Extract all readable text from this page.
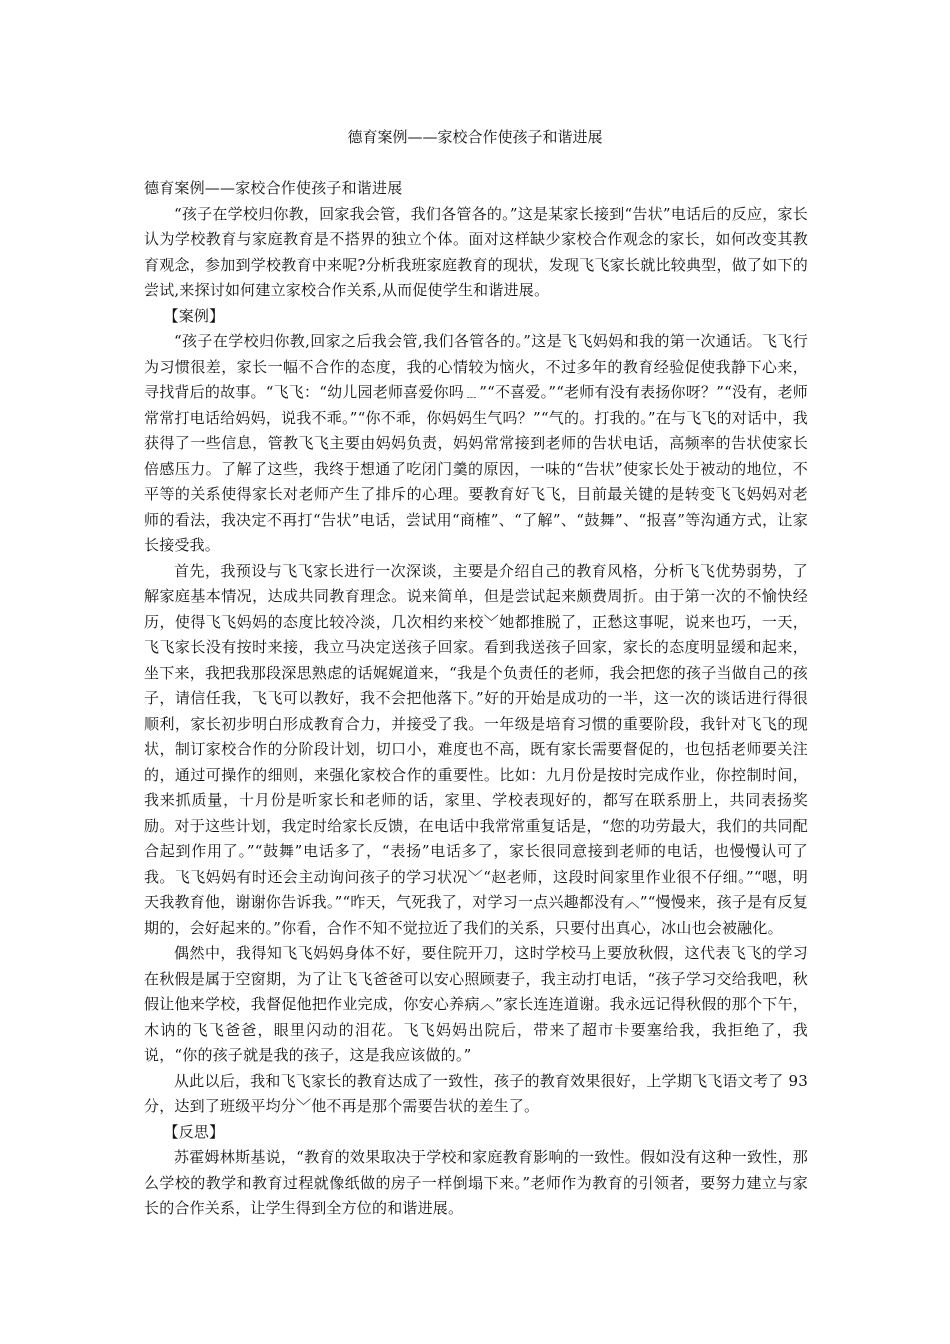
德育案例——家校合作使孩子和谐进展

德育案例——家校合作使孩子和谐进展

“孩子在学校归你教，回家我会管，我们各管各的。”这是某家长接到“告状”电话后的反应，家长认为学校教育与家庭教育是不搭界的独立个体。面对这样缺少家校合作观念的家长，如何改变其教育观念，参加到学校教育中来呢?分析我班家庭教育的现状，发现飞飞家长就比较典型，做了如下的尝试,来探讨如何建立家校合作关系,从而促使学生和谐进展。

【案例】

“孩子在学校归你教,回家之后我会管,我们各管各的。”这是飞飞妈妈和我的第一次通话。飞飞行为习惯很差，家长一幅不合作的态度，我的心情较为恼火，不过多年的教育经验促使我静下心来，寻找背后的故事。“飞飞：“幼儿园老师喜爱你吗﹍”“不喜爱。”“老师有没有表扬你呀？”“没有，老师常常打电话给妈妈，说我不乖。”“你不乖，你妈妈生气吗？”“气的。打我的。”在与飞飞的对话中，我获得了一些信息，管教飞飞主要由妈妈负责，妈妈常常接到老师的告状电话，高频率的告状使家长倍感压力。了解了这些，我终于想通了吃闭门羹的原因，一味的“告状”使家长处于被动的地位，不平等的关系使得家长对老师产生了排斥的心理。要教育好飞飞，目前最关键的是转变飞飞妈妈对老师的看法，我决定不再打“告状”电话，尝试用“商榷”、“了解”、“鼓舞”、“报喜”等沟通方式，让家长接受我。

首先，我预设与飞飞家长进行一次深谈，主要是介绍自己的教育风格，分析飞飞优势弱势，了解家庭基本情况，达成共同教育理念。说来简单，但是尝试起来颇费周折。由于第一次的不愉快经历，使得飞飞妈妈的态度比较冷淡，几次相约来校﹀她都推脱了，正愁这事呢，说来也巧，一天，飞飞家长没有按时来接，我立马决定送孩子回家。看到我送孩子回家，家长的态度明显缓和起来，坐下来，我把我那段深思熟虑的话娓娓道来，“我是个负责任的老师，我会把您的孩子当做自己的孩子，请信任我，飞飞可以教好，我不会把他落下。”好的开始是成功的一半，这一次的谈话进行得很顺利，家长初步明白形成教育合力，并接受了我。一年级是培育习惯的重要阶段，我针对飞飞的现状，制订家校合作的分阶段计划，切口小，难度也不高，既有家长需要督促的，也包括老师要关注的，通过可操作的细则，来强化家校合作的重要性。比如：九月份是按时完成作业，你控制时间，我来抓质量，十月份是听家长和老师的话，家里、学校表现好的，都写在联系册上，共同表扬奖励。对于这些计划，我定时给家长反馈，在电话中我常常重复话是，“您的功劳最大，我们的共同配合起到作用了。”“鼓舞”电话多了，“表扬”电话多了，家长很同意接到老师的电话，也慢慢认可了我。飞飞妈妈有时还会主动询问孩子的学习状况﹀“赵老师，这段时间家里作业很不仔细。”“嗯，明天我教育他，谢谢你告诉我。”“昨天，气死我了，对学习一点兴趣都没有︿”“慢慢来，孩子是有反复期的，会好起来的。”你看，合作不知不觉拉近了我们的关系，只要付出真心，冰山也会被融化。

偶然中，我得知飞飞妈妈身体不好，要住院开刀，这时学校马上要放秋假，这代表飞飞的学习在秋假是属于空窗期，为了让飞飞爸爸可以安心照顾妻子，我主动打电话，“孩子学习交给我吧，秋假让他来学校，我督促他把作业完成，你安心养病︿”家长连连道谢。我永远记得秋假的那个下午，木讷的飞飞爸爸，眼里闪动的泪花。飞飞妈妈出院后，带来了超市卡要塞给我，我拒绝了，我说，“你的孩子就是我的孩子，这是我应该做的。”

从此以后，我和飞飞家长的教育达成了一致性，孩子的教育效果很好，上学期飞飞语文考了 93 分，达到了班级平均分﹀他不再是那个需要告状的差生了。

【反思】

苏霍姆林斯基说，“教育的效果取决于学校和家庭教育影响的一致性。假如没有这种一致性，那么学校的教学和教育过程就像纸做的房子一样倒塌下来。”老师作为教育的引领者，要努力建立与家长的合作关系，让学生得到全方位的和谐进展。
